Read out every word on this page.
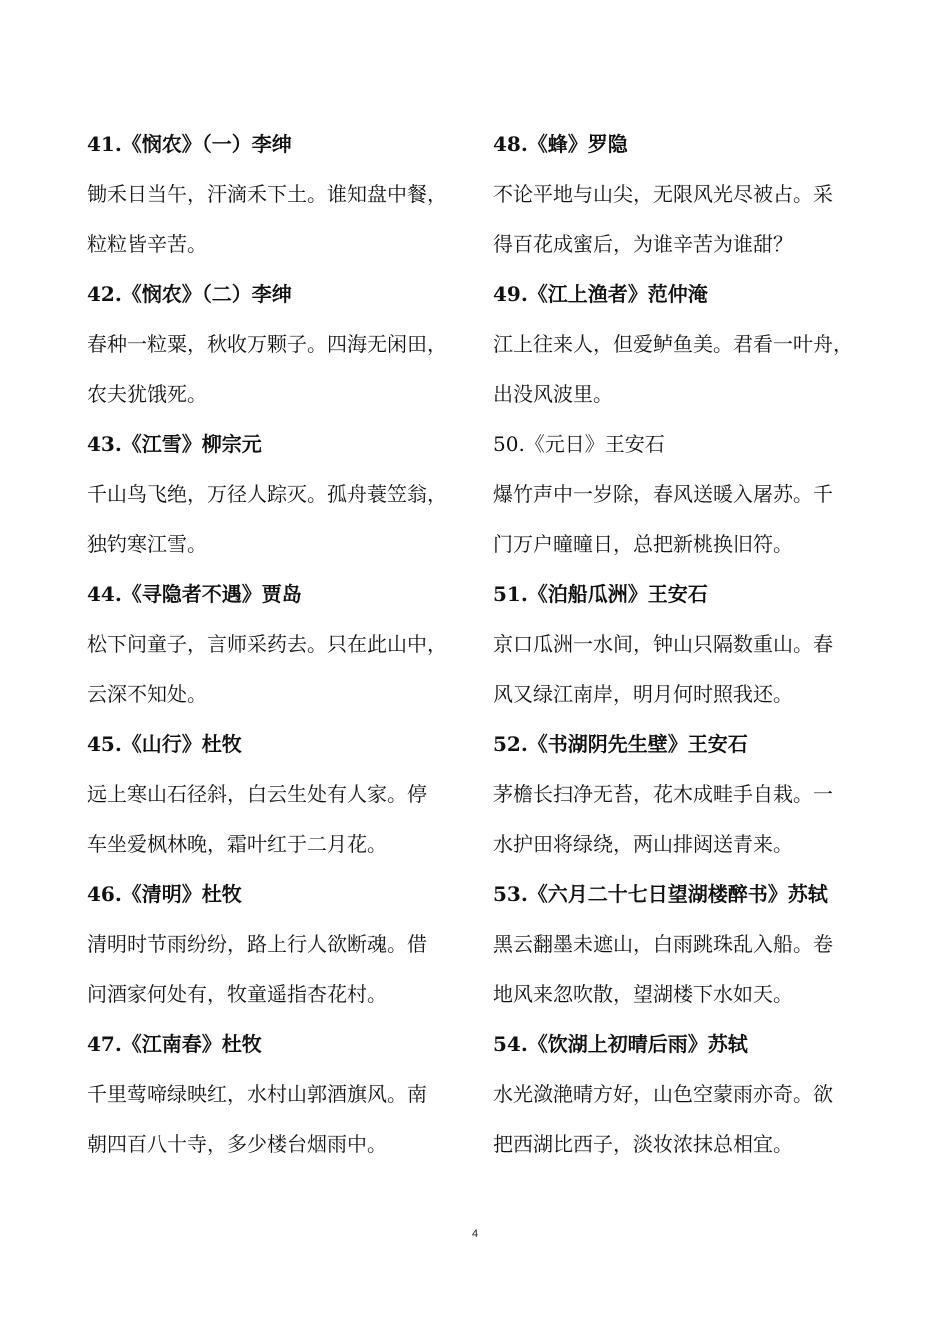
41.《悯农》（一）李绅
锄禾日当午，汗滴禾下土。谁知盘中餐，
粒粒皆辛苦。
42.《悯农》（二）李绅
春种一粒粟，秋收万颗子。四海无闲田，
农夫犹饿死。
43.《江雪》柳宗元
千山鸟飞绝，万径人踪灭。孤舟蓑笠翁，
独钓寒江雪。
44.《寻隐者不遇》贾岛
松下问童子，言师采药去。只在此山中，
云深不知处。
45.《山行》杜牧
远上寒山石径斜，白云生处有人家。停
车坐爱枫林晚，霜叶红于二月花。
46.《清明》杜牧
清明时节雨纷纷，路上行人欲断魂。借
问酒家何处有，牧童遥指杏花村。
47.《江南春》杜牧
千里莺啼绿映红，水村山郭酒旗风。南
朝四百八十寺，多少楼台烟雨中。
48.《蜂》罗隐
不论平地与山尖，无限风光尽被占。采
得百花成蜜后，为谁辛苦为谁甜？
49.《江上渔者》范仲淹
江上往来人，但爱鲈鱼美。君看一叶舟，
出没风波里。
50.《元日》王安石
爆竹声中一岁除，春风送暖入屠苏。千
门万户曈曈日，总把新桃换旧符。
51.《泊船瓜洲》王安石
京口瓜洲一水间，钟山只隔数重山。春
风又绿江南岸，明月何时照我还。
52.《书湖阴先生壁》王安石
茅檐长扫净无苔，花木成畦手自栽。一
水护田将绿绕，两山排闼送青来。
53.《六月二十七日望湖楼醉书》苏轼
黑云翻墨未遮山，白雨跳珠乱入船。卷
地风来忽吹散，望湖楼下水如天。
54.《饮湖上初晴后雨》苏轼
水光潋滟晴方好，山色空蒙雨亦奇。欲
把西湖比西子，淡妆浓抹总相宜。
4
